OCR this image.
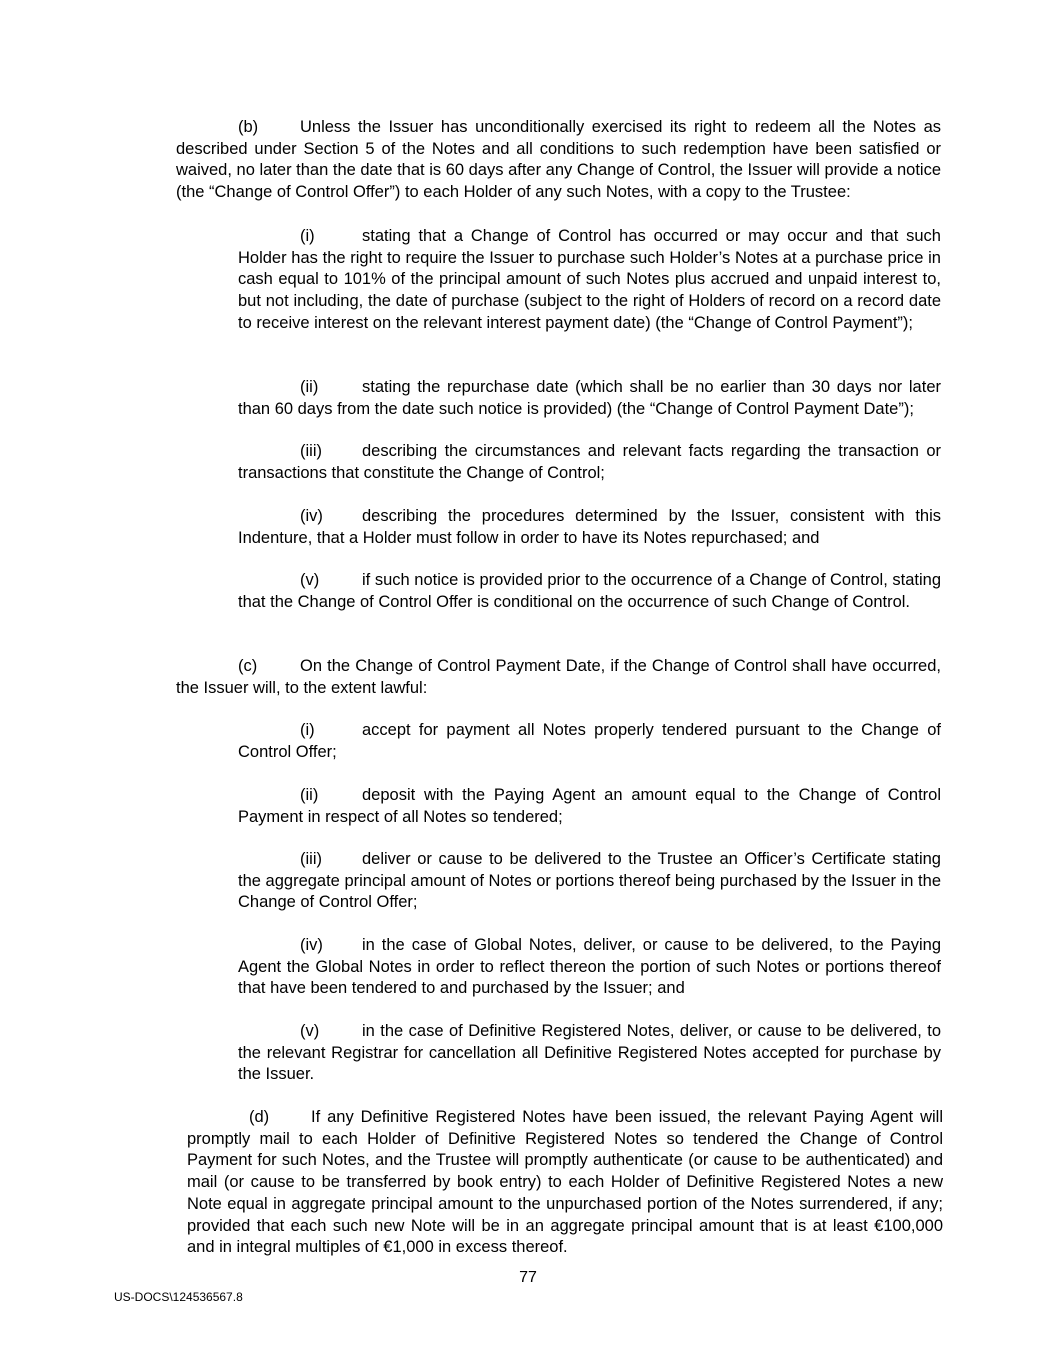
(b)	Unless the Issuer has unconditionally exercised its right to redeem all the Notes as described under Section 5 of the Notes and all conditions to such redemption have been satisfied or waived, no later than the date that is 60 days after any Change of Control, the Issuer will provide a notice (the “Change of Control Offer”) to each Holder of any such Notes, with a copy to the Trustee:

(i)	stating that a Change of Control has occurred or may occur and that such Holder has the right to require the Issuer to purchase such Holder’s Notes at a purchase price in cash equal to 101% of the principal amount of such Notes plus accrued and unpaid interest to, but not including, the date of purchase (subject to the right of Holders of record on a record date to receive interest on the relevant interest payment date) (the “Change of Control Payment”);

(ii)	stating the repurchase date (which shall be no earlier than 30 days nor later than 60 days from the date such notice is provided) (the “Change of Control Payment Date”);

(iii) describing the circumstances and relevant facts regarding the transaction or transactions that constitute the Change of Control;

(iv) describing the procedures determined by the Issuer, consistent with this Indenture, that a Holder must follow in order to have its Notes repurchased; and

(v)	if such notice is provided prior to the occurrence of a Change of Control, stating that the Change of Control Offer is conditional on the occurrence of such Change of Control.

(c)	On the Change of Control Payment Date, if the Change of Control shall have occurred, the Issuer will, to the extent lawful:

(i)	accept for payment all Notes properly tendered pursuant to the Change of Control Offer;

(ii)	deposit with the Paying Agent an amount equal to the Change of Control Payment in respect of all Notes so tendered;

(iii) deliver or cause to be delivered to the Trustee an Officer’s Certificate stating the aggregate principal amount of Notes or portions thereof being purchased by the Issuer in the Change of Control Offer;

(iv) in the case of Global Notes, deliver, or cause to be delivered, to the Paying Agent the Global Notes in order to reflect thereon the portion of such Notes or portions thereof that have been tendered to and purchased by the Issuer; and

(v)	in the case of Definitive Registered Notes, deliver, or cause to be delivered, to the relevant Registrar for cancellation all Definitive Registered Notes accepted for purchase by the Issuer.

(d)	If any Definitive Registered Notes have been issued, the relevant Paying Agent will promptly mail to each Holder of Definitive Registered Notes so tendered the Change of Control Payment for such Notes, and the Trustee will promptly authenticate (or cause to be authenticated) and mail (or cause to be transferred by book entry) to each Holder of Definitive Registered Notes a new Note equal in aggregate principal amount to the unpurchased portion of the Notes surrendered, if any; provided that each such new Note will be in an aggregate principal amount that is at least €100,000 and in integral multiples of €1,000 in excess thereof.

77
US-DOCS\124536567.8
